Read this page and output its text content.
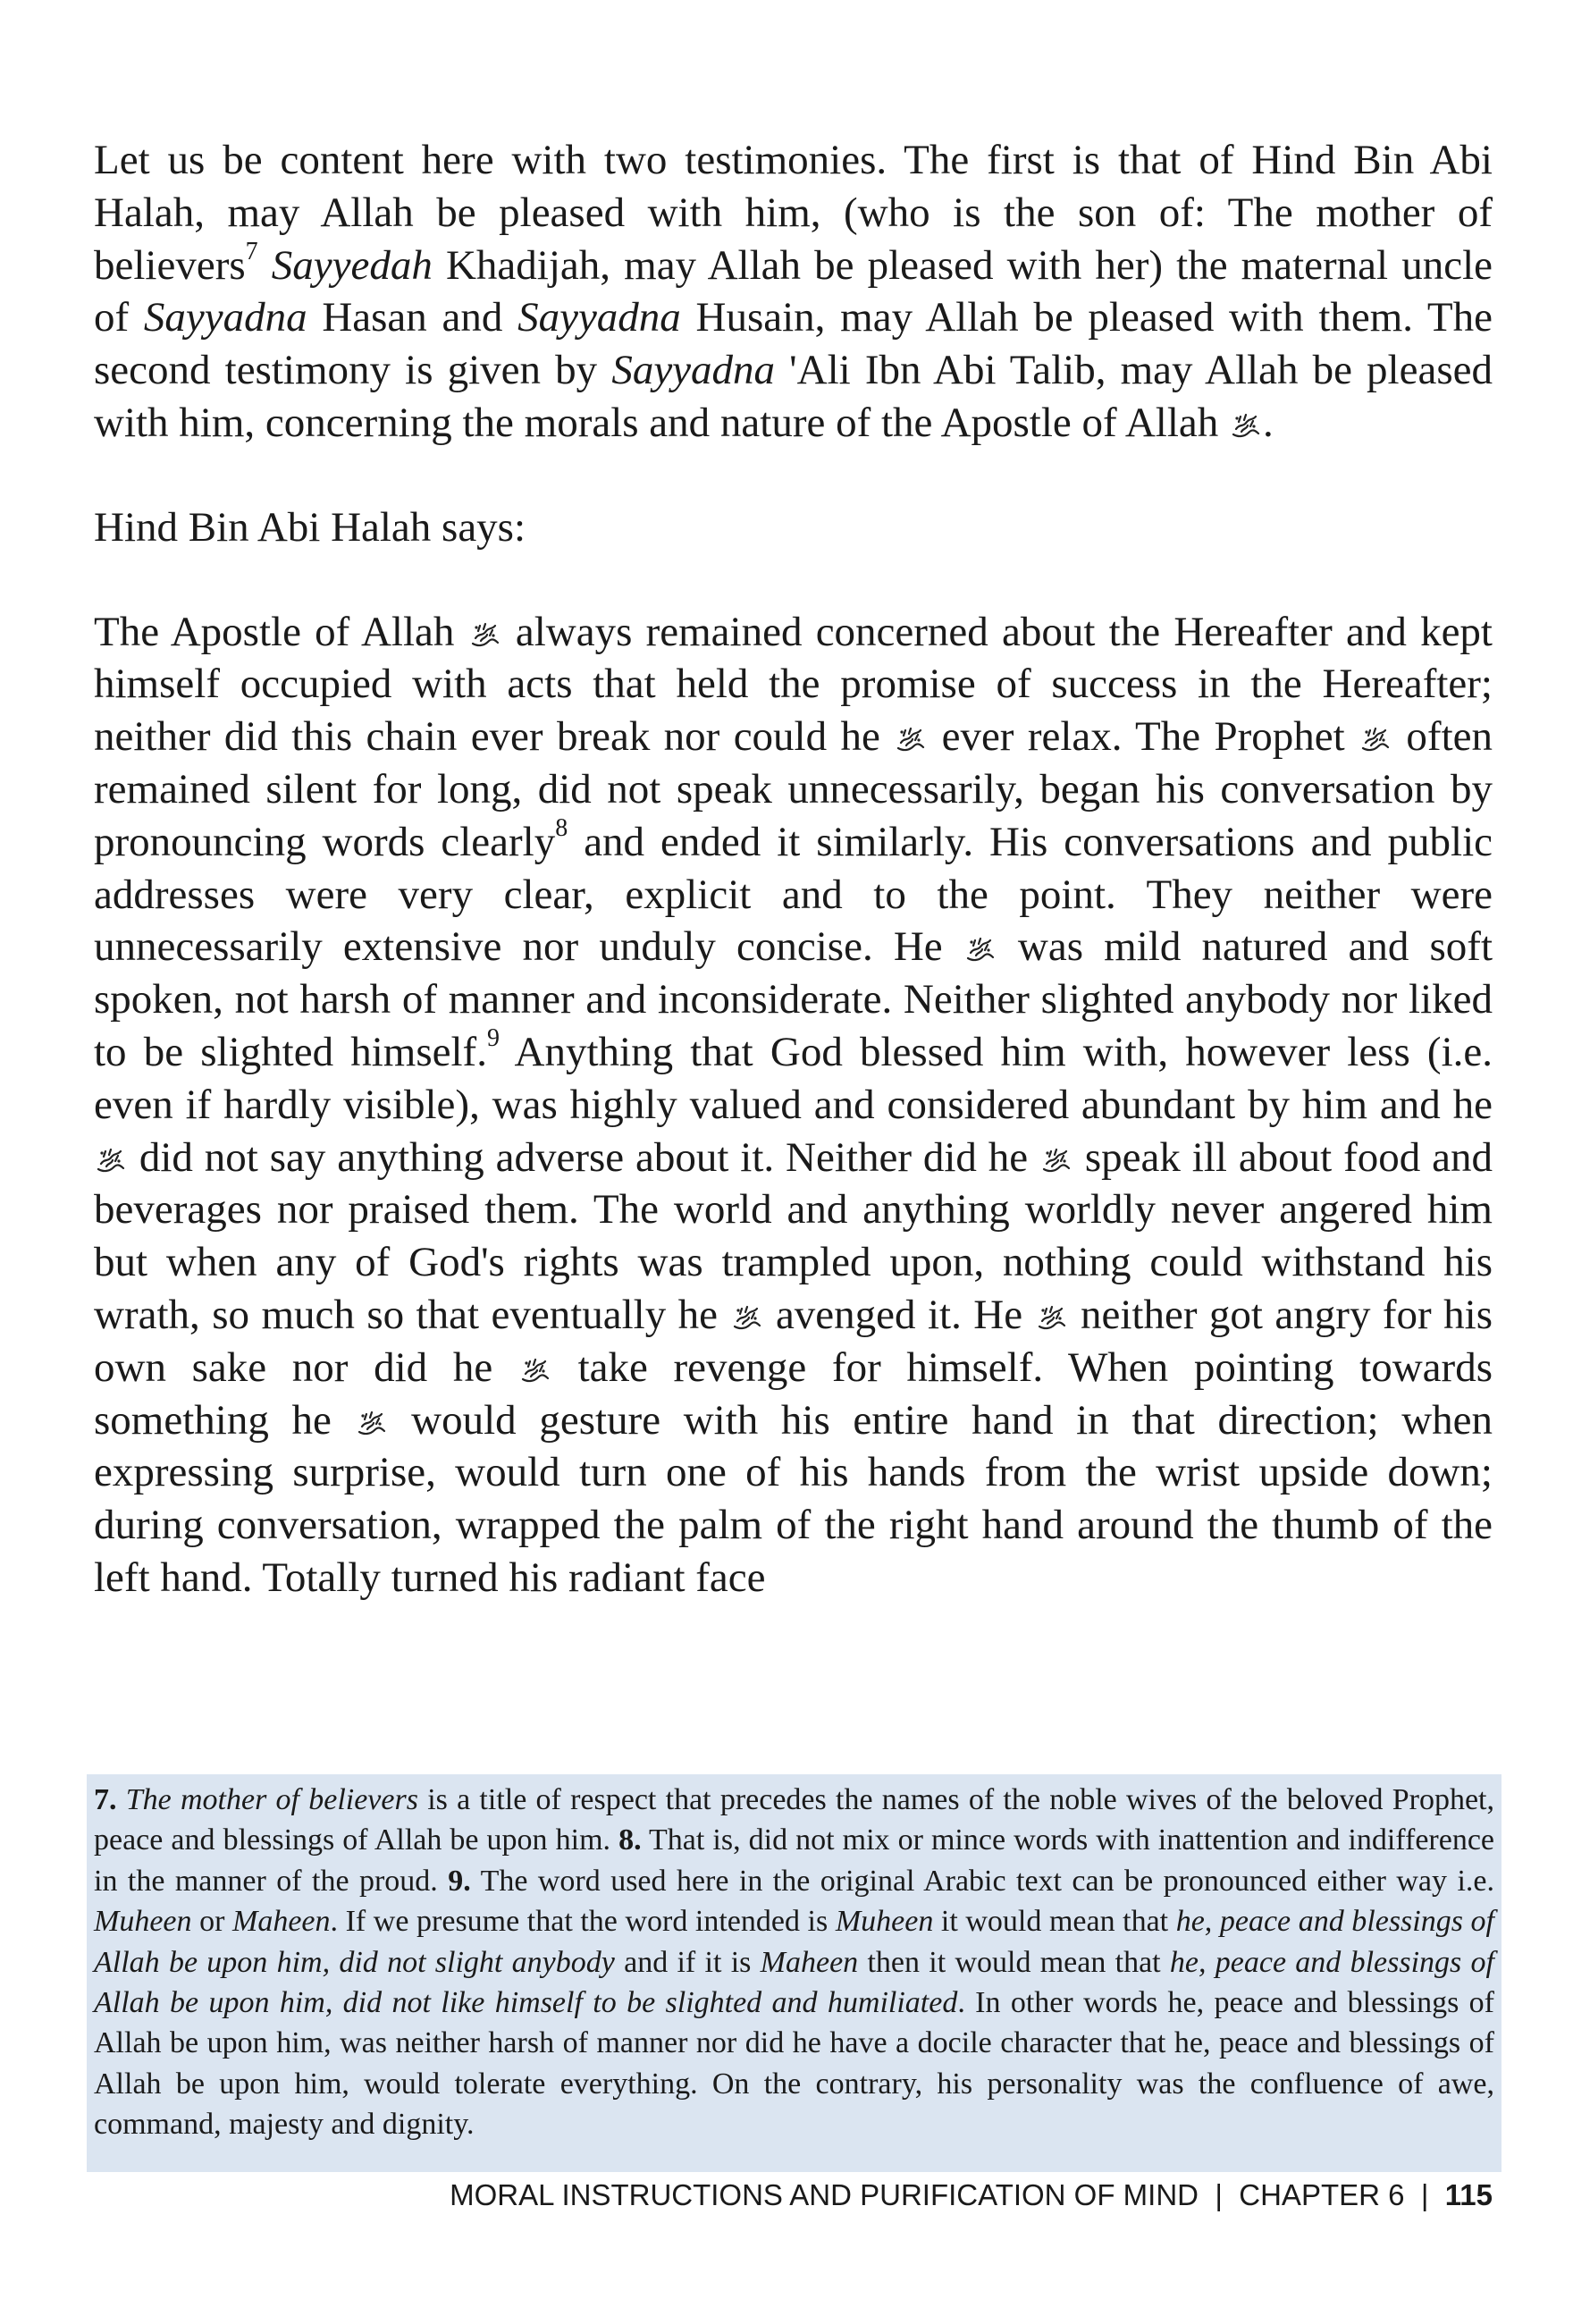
Let us be content here with two testimonies. The first is that of Hind Bin Abi Halah, may Allah be pleased with him, (who is the son of: The mother of believers$^7$ Sayyedah Khadijah, may Allah be pleased with her) the maternal uncle of Sayyadna Hasan and Sayyadna Husain, may Allah be pleased with them. The second testimony is given by Sayyadna 'Ali Ibn Abi Talib, may Allah be pleased with him, concerning the morals and nature of the Apostle of Allah
.

Hind Bin Abi Halah says:

The Apostle of Allah
always remained concerned about the Hereafter and kept himself occupied with acts that held the promise of success in the Hereafter; neither did this chain ever break nor could he
ever relax. The Prophet
often remained silent for long, did not speak unnecessarily, began his conversation by pronouncing words clearly$^8$ and ended it similarly. His conversations and public addresses were very clear, explicit and to the point. They neither were unnecessarily extensive nor unduly concise. He
was mild natured and soft spoken, not harsh of manner and inconsiderate. Neither slighted anybody nor liked to be slighted himself.$^9$ Anything that God blessed him with, however less (i.e. even if hardly visible), was highly valued and considered abundant by him and he
did not say anything adverse about it. Neither did he
speak ill about food and beverages nor praised them. The world and anything worldly never angered him but when any of God's rights was trampled upon, nothing could withstand his wrath, so much so that eventually he
avenged it. He
neither got angry for his own sake nor did he
take revenge for himself. When pointing towards something he
would gesture with his entire hand in that direction; when expressing surprise, would turn one of his hands from the wrist upside down; during conversation, wrapped the palm of the right hand around the thumb of the left hand. Totally turned his radiant face

7. The mother of believers is a title of respect that precedes the names of the noble wives of the beloved Prophet, peace and blessings of Allah be upon him. 8. That is, did not mix or mince words with inattention and indifference in the manner of the proud. 9. The word used here in the original Arabic text can be pronounced either way i.e. Muheen or Maheen. If we presume that the word intended is Muheen it would mean that he, peace and blessings of Allah be upon him, did not slight anybody and if it is Maheen then it would mean that he, peace and blessings of Allah be upon him, did not like himself to be slighted and humiliated. In other words he, peace and blessings of Allah be upon him, was neither harsh of manner nor did he have a docile character that he, peace and blessings of Allah be upon him, would tolerate everything. On the contrary, his personality was the confluence of awe, command, majesty and dignity.

MORAL INSTRUCTIONS AND PURIFICATION OF MIND | CHAPTER 6 | 115
